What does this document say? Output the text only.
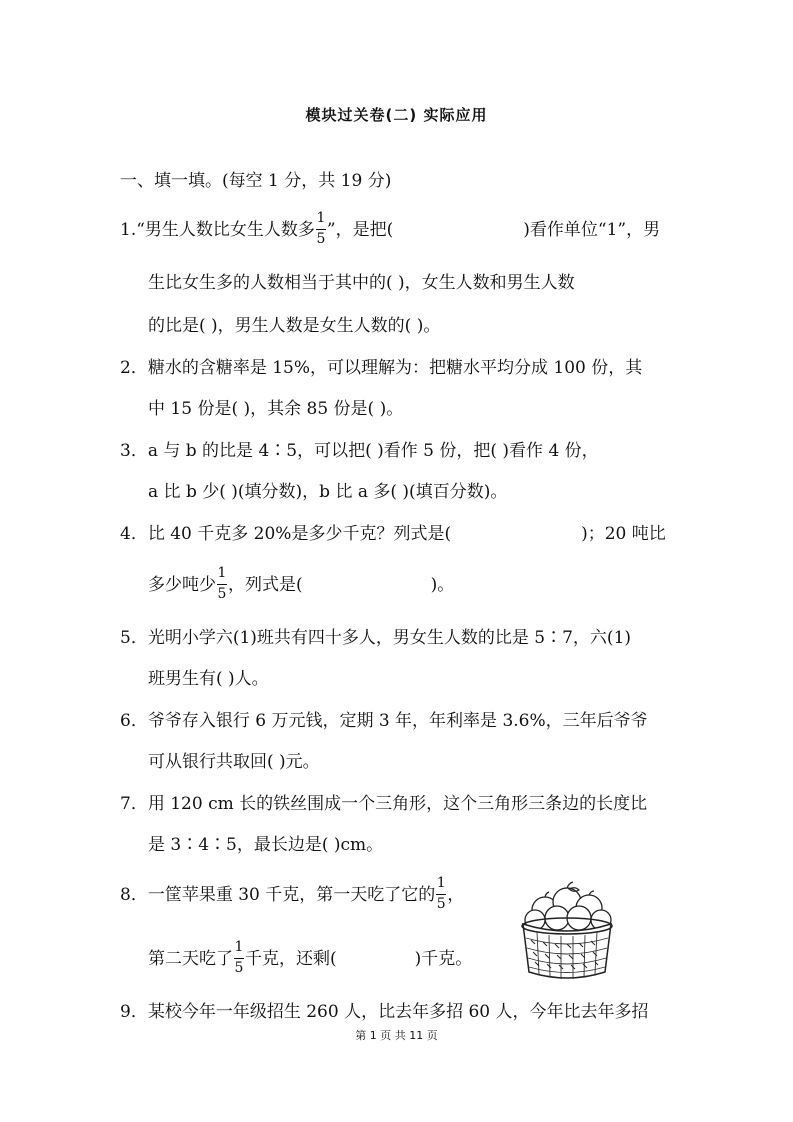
模块过关卷(二) 实际应用
一、填一填。(每空 1 分，共 19 分)
1.“男生人数比女生人数多 $\frac{1}{5}$ ”，是把(	)看作单位“1”，男
生比女生多的人数相当于其中的( )，女生人数和男生人数
的比是( )，男生人数是女生人数的( )。
2．糖水的含糖率是 15%，可以理解为：把糖水平均分成 100 份，其
中 15 份是( )，其余 85 份是( )。
3．a 与 b 的比是 4∶5，可以把( )看作 5 份，把( )看作 4 份，
a 比 b 少( )(填分数)，b 比 a 多( )(填百分数)。
4．比 40 千克多 20%是多少千克？列式是(	)；20 吨比
多少吨少 $\frac{1}{5}$ ，列式是(	)。
5．光明小学六(1)班共有四十多人，男女生人数的比是 5∶7，六(1)
班男生有( )人。
6．爷爷存入银行 6 万元钱，定期 3 年，年利率是 3.6%，三年后爷爷
可从银行共取回( )元。
7．用 120 cm 长的铁丝围成一个三角形，这个三角形三条边的长度比
是 3∶4∶5，最长边是( )cm。
8．一筐苹果重 30 千克，第一天吃了它的 $\frac{1}{5}$ ，
第二天吃了 $\frac{1}{5}$ 千克，还剩(	)千克。
9．某校今年一年级招生 260 人，比去年多招 60 人，今年比去年多招
第 1 页 共 11 页
